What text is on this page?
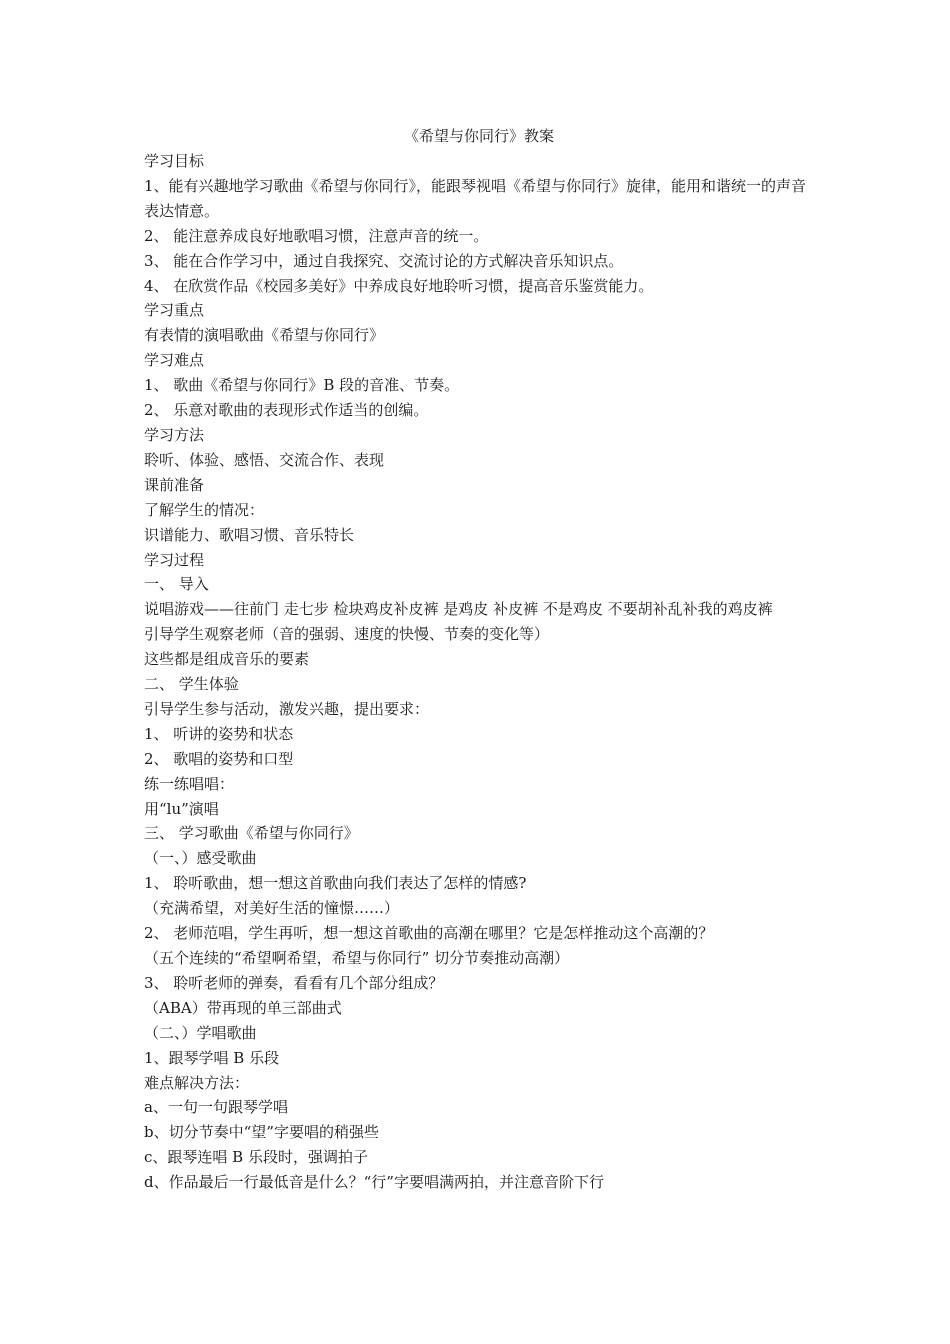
《希望与你同行》教案
学习目标
1、能有兴趣地学习歌曲《希望与你同行》，能跟琴视唱《希望与你同行》旋律，能用和谐统一的声音表达情意。
2、 能注意养成良好地歌唱习惯，注意声音的统一。
3、 能在合作学习中，通过自我探究、交流讨论的方式解决音乐知识点。
4、 在欣赏作品《校园多美好》中养成良好地聆听习惯，提高音乐鉴赏能力。
学习重点
有表情的演唱歌曲《希望与你同行》
学习难点
1、 歌曲《希望与你同行》B 段的音准、节奏。
2、 乐意对歌曲的表现形式作适当的创编。
学习方法
聆听、体验、感悟、交流合作、表现
课前准备
了解学生的情况：
识谱能力、歌唱习惯、音乐特长
学习过程
一、 导入
说唱游戏——往前门 走七步 检块鸡皮补皮裤 是鸡皮 补皮裤 不是鸡皮 不要胡补乱补我的鸡皮裤
引导学生观察老师（音的强弱、速度的快慢、节奏的变化等）
这些都是组成音乐的要素
二、 学生体验
引导学生参与活动，激发兴趣，提出要求：
1、 听讲的姿势和状态
2、 歌唱的姿势和口型
练一练唱唱：
用“lu”演唱
三、 学习歌曲《希望与你同行》
（一、）感受歌曲
1、 聆听歌曲，想一想这首歌曲向我们表达了怎样的情感?
（充满希望，对美好生活的憧憬……）
2、 老师范唱，学生再听，想一想这首歌曲的高潮在哪里？它是怎样推动这个高潮的？
（五个连续的“希望啊希望，希望与你同行” 切分节奏推动高潮）
3、 聆听老师的弹奏，看看有几个部分组成？
（ABA）带再现的单三部曲式
（二、）学唱歌曲
1、跟琴学唱 B 乐段
难点解决方法：
a、一句一句跟琴学唱
b、切分节奏中“望”字要唱的稍强些
c、跟琴连唱 B 乐段时，强调拍子
d、作品最后一行最低音是什么？“行”字要唱满两拍，并注意音阶下行
